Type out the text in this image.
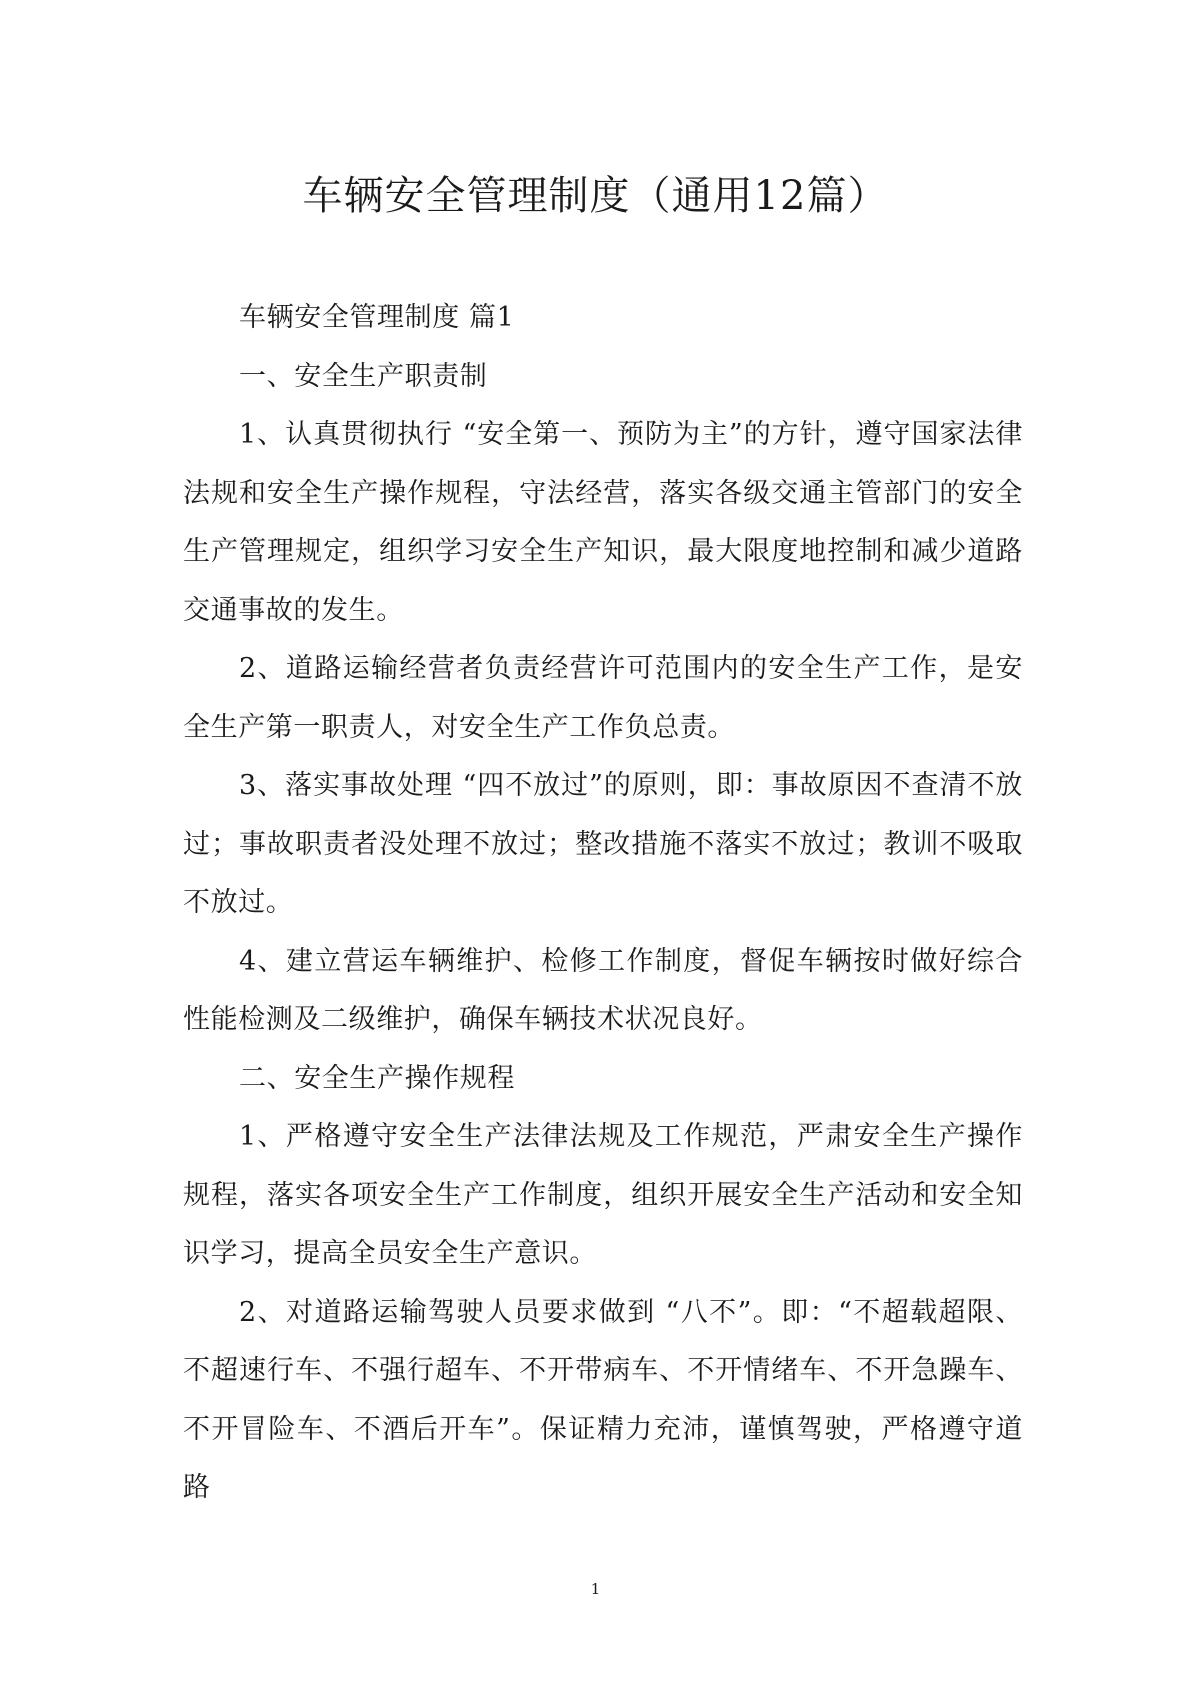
车辆安全管理制度（通用12篇）

车辆安全管理制度 篇1

一、安全生产职责制

1、认真贯彻执行 “安全第一、预防为主”的方针，遵守国家法律法规和安全生产操作规程，守法经营，落实各级交通主管部门的安全生产管理规定，组织学习安全生产知识，最大限度地控制和减少道路交通事故的发生。

2、道路运输经营者负责经营许可范围内的安全生产工作，是安全生产第一职责人，对安全生产工作负总责。

3、落实事故处理 “四不放过”的原则，即：事故原因不查清不放过；事故职责者没处理不放过；整改措施不落实不放过；教训不吸取不放过。

4、建立营运车辆维护、检修工作制度，督促车辆按时做好综合性能检测及二级维护，确保车辆技术状况良好。

二、安全生产操作规程

1、严格遵守安全生产法律法规及工作规范，严肃安全生产操作规程，落实各项安全生产工作制度，组织开展安全生产活动和安全知识学习，提高全员安全生产意识。

2、对道路运输驾驶人员要求做到 “八不”。即：“不超载超限、不超速行车、不强行超车、不开带病车、不开情绪车、不开急躁车、不开冒险车、不酒后开车”。保证精力充沛，谨慎驾驶，严格遵守道路

1
